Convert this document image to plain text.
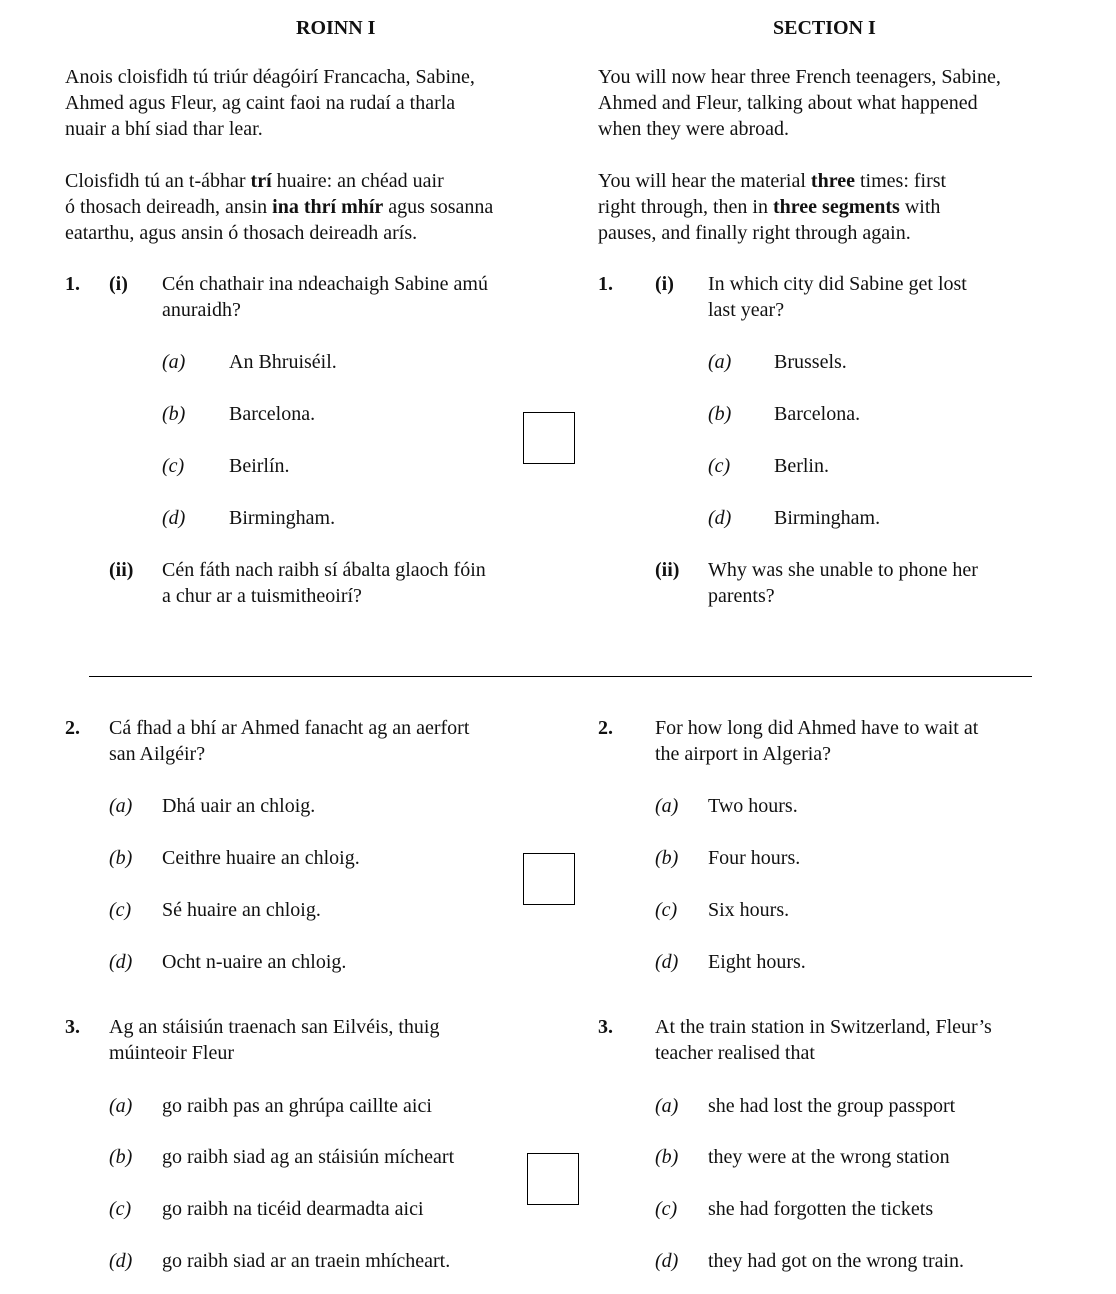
ROINN I	SECTION I
Anois cloisfidh tú triúr déagóirí Francacha, Sabine,
Ahmed agus Fleur, ag caint faoi na rudaí a tharla
nuair a bhí siad thar lear.
You will now hear three French teenagers, Sabine,
Ahmed and Fleur, talking about what happened
when they were abroad.
Cloisfidh tú an t-ábhar trí huaire: an chéad uair
ó thosach deireadh, ansin ina thrí mhír agus sosanna
eatarthu, agus ansin ó thosach deireadh arís.
You will hear the material three times: first
right through, then in three segments with
pauses, and finally right through again.
1. (i) Cén chathair ina ndeachaigh Sabine amú
anuraidh?
(a) An Bhruiséil.
(b) Barcelona.
(c) Beirlín.
(d) Birmingham.
(ii) Cén fáth nach raibh sí ábalta glaoch fóin
a chur ar a tuismitheoirí?
1. (i) In which city did Sabine get lost
last year?
(a) Brussels.
(b) Barcelona.
(c) Berlin.
(d) Birmingham.
(ii) Why was she unable to phone her
parents?
2. Cá fhad a bhí ar Ahmed fanacht ag an aerfort
san Ailgéir?
(a) Dhá uair an chloig.
(b) Ceithre huaire an chloig.
(c) Sé huaire an chloig.
(d) Ocht n-uaire an chloig.
2. For how long did Ahmed have to wait at
the airport in Algeria?
(a) Two hours.
(b) Four hours.
(c) Six hours.
(d) Eight hours.
3. Ag an stáisiún traenach san Eilvéis, thuig
múinteoir Fleur
(a) go raibh pas an ghrúpa caillte aici
(b) go raibh siad ag an stáisiún mícheart
(c) go raibh na ticéid dearmadta aici
(d) go raibh siad ar an traein mhícheart.
3. At the train station in Switzerland, Fleur’s
teacher realised that
(a) she had lost the group passport
(b) they were at the wrong station
(c) she had forgotten the tickets
(d) they had got on the wrong train.
